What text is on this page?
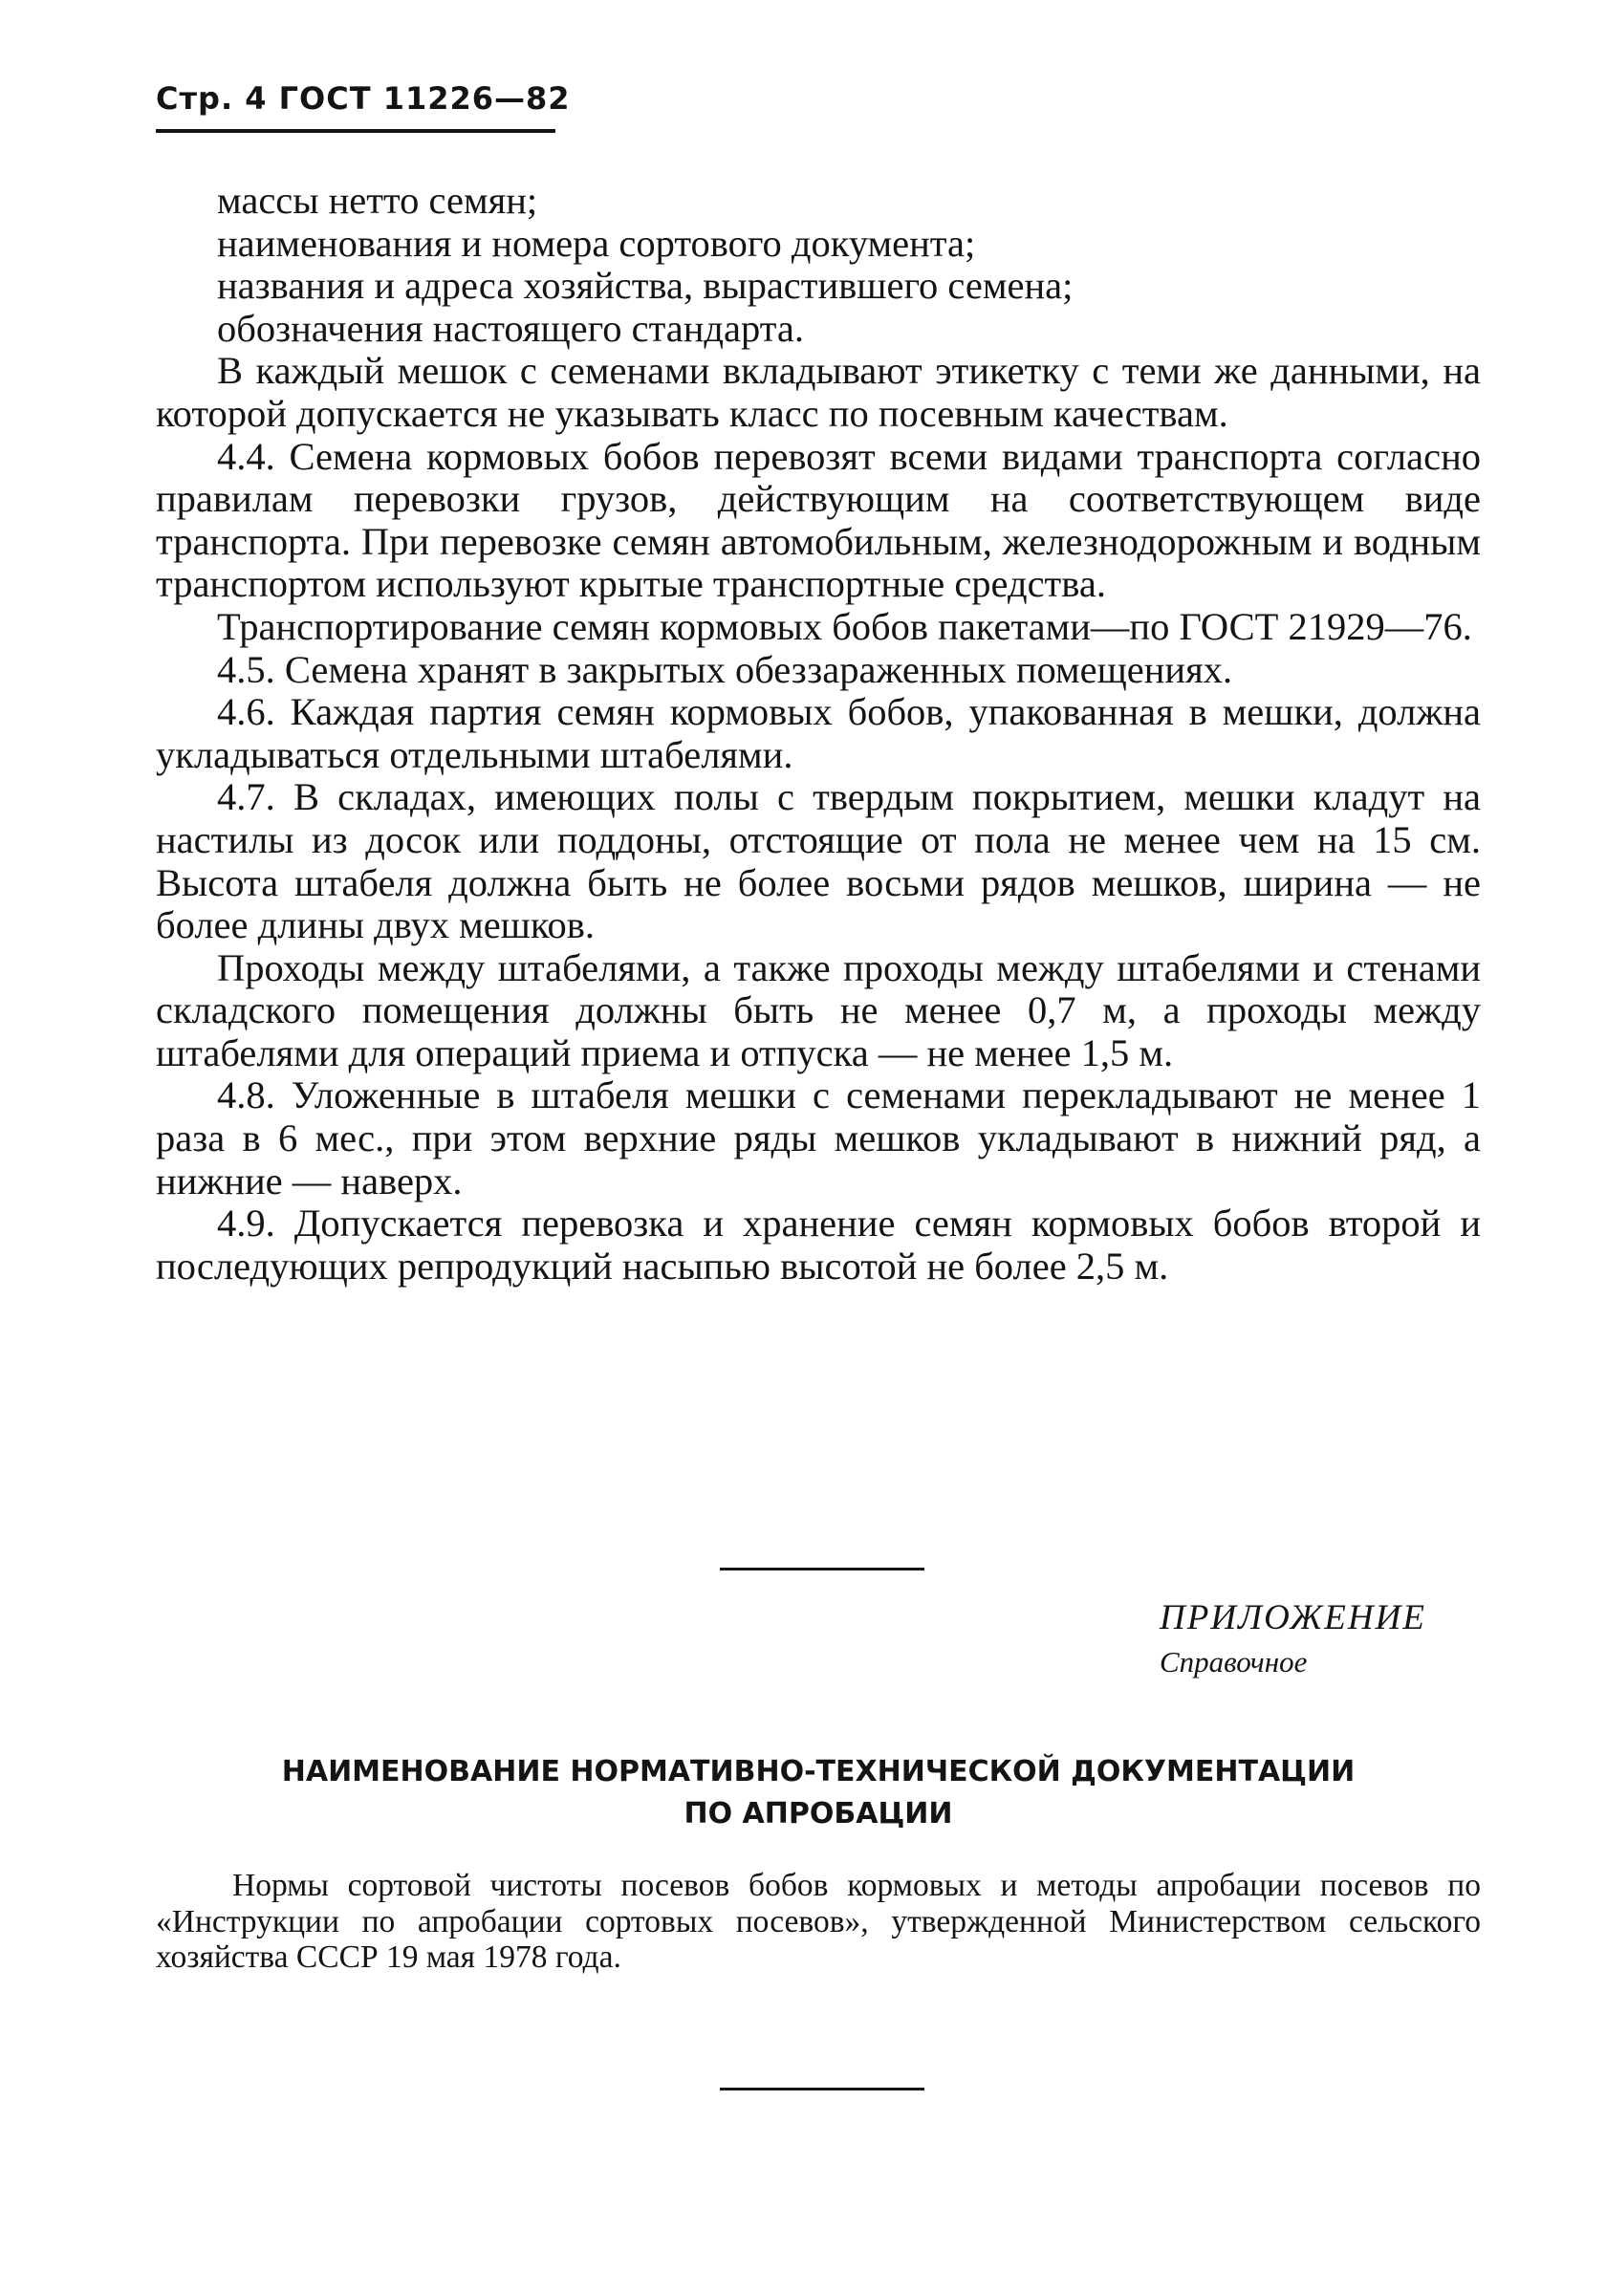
Стр. 4 ГОСТ 11226—82

массы нетто семян;

наименования и номера сортового документа;

названия и адреса хозяйства, вырастившего семена;

обозначения настоящего стандарта.

В каждый мешок с семенами вкладывают этикетку с теми же данными, на которой допускается не указывать класс по посевным качествам.

4.4. Семена кормовых бобов перевозят всеми видами транспорта согласно правилам перевозки грузов, действующим на соответствующем виде транспорта. При перевозке семян автомобильным, железнодорожным и водным транспортом используют крытые транспортные средства.

Транспортирование семян кормовых бобов пакетами—по ГОСТ 21929—76.

4.5. Семена хранят в закрытых обеззараженных помещениях.

4.6. Каждая партия семян кормовых бобов, упакованная в мешки, должна укладываться отдельными штабелями.

4.7. В складах, имеющих полы с твердым покрытием, мешки кладут на настилы из досок или поддоны, отстоящие от пола не менее чем на 15 см. Высота штабеля должна быть не более восьми рядов мешков, ширина — не более длины двух мешков.

Проходы между штабелями, а также проходы между штабелями и стенами складского помещения должны быть не менее 0,7 м, а проходы между штабелями для операций приема и отпуска — не менее 1,5 м.

4.8. Уложенные в штабеля мешки с семенами перекладывают не менее 1 раза в 6 мес., при этом верхние ряды мешков укладывают в нижний ряд, а нижние — наверх.

4.9. Допускается перевозка и хранение семян кормовых бобов второй и последующих репродукций насыпью высотой не более 2,5 м.

ПРИЛОЖЕНИЕ
Справочное
НАИМЕНОВАНИЕ НОРМАТИВНО-ТЕХНИЧЕСКОЙ ДОКУМЕНТАЦИИ
ПО АПРОБАЦИИ

Нормы сортовой чистоты посевов бобов кормовых и методы апробации посевов по «Инструкции по апробации сортовых посевов», утвержденной Министерством сельского хозяйства СССР 19 мая 1978 года.
